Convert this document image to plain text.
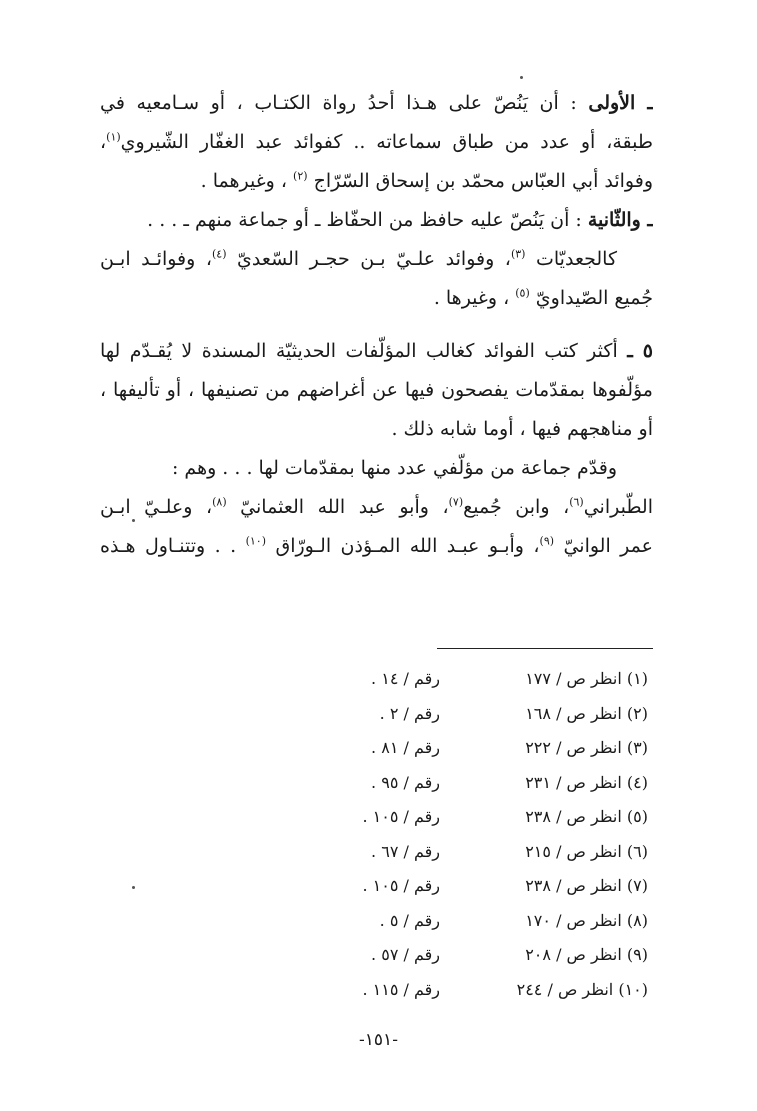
ـ الأولى : أن يَنُصّ على هـذا أحدُ رواة الكتـاب ، أو سـامعيه في
طبقة، أو عدد من طباق سماعاته .. كفوائد عبد الغفّار الشّيروي$^{(١)}$،
وفوائد أبي العبّاس محمّد بن إسحاق السّرّاج $^{(٢)}$ ، وغيرهما .
ـ والثّانية : أن يَنُصّ عليه حافظ من الحفّاظ ـ أو جماعة منهم ـ . . .
كالجعديّات $^{(٣)}$، وفوائد علـيّ بـن حجـر السّعديّ $^{(٤)}$، وفوائـد ابـن
جُميع الصّيداويّ $^{(٥)}$ ، وغيرها .
٥ ـ أكثر كتب الفوائد كغالب المؤلّفات الحديثيّة المسندة لا يُقـدّم لها
مؤلّفوها بمقدّمات يفصحون فيها عن أغراضهم من تصنيفها ، أو تأليفها ،
أو مناهجهم فيها ، أوما شابه ذلك .
وقدّم جماعة من مؤلّفي عدد منها بمقدّمات لها . . . وهم :
الطّبراني$^{(٦)}$، وابن جُميع$^{(٧)}$، وأبو عبد الله العثمانيّ $^{(٨)}$، وعلـيّ ابـن
عمر الوانيّ $^{(٩)}$، وأبـو عبـد الله المـؤذن الـورّاق $^{(١٠)}$ . . وتتنـاول هـذه
(١) انظر ص / ١٧٧
رقم / ١٤ .
(٢) انظر ص / ١٦٨
رقم / ٢ .
(٣) انظر ص / ٢٢٢
رقم / ٨١ .
(٤) انظر ص / ٢٣١
رقم / ٩٥ .
(٥) انظر ص / ٢٣٨
رقم / ١٠٥ .
(٦) انظر ص / ٢١٥
رقم / ٦٧ .
(٧) انظر ص / ٢٣٨
رقم / ١٠٥ .
(٨) انظر ص / ١٧٠
رقم / ٥ .
(٩) انظر ص / ٢٠٨
رقم / ٥٧ .
(١٠) انظر ص / ٢٤٤
رقم / ١١٥ .
-١٥١-
